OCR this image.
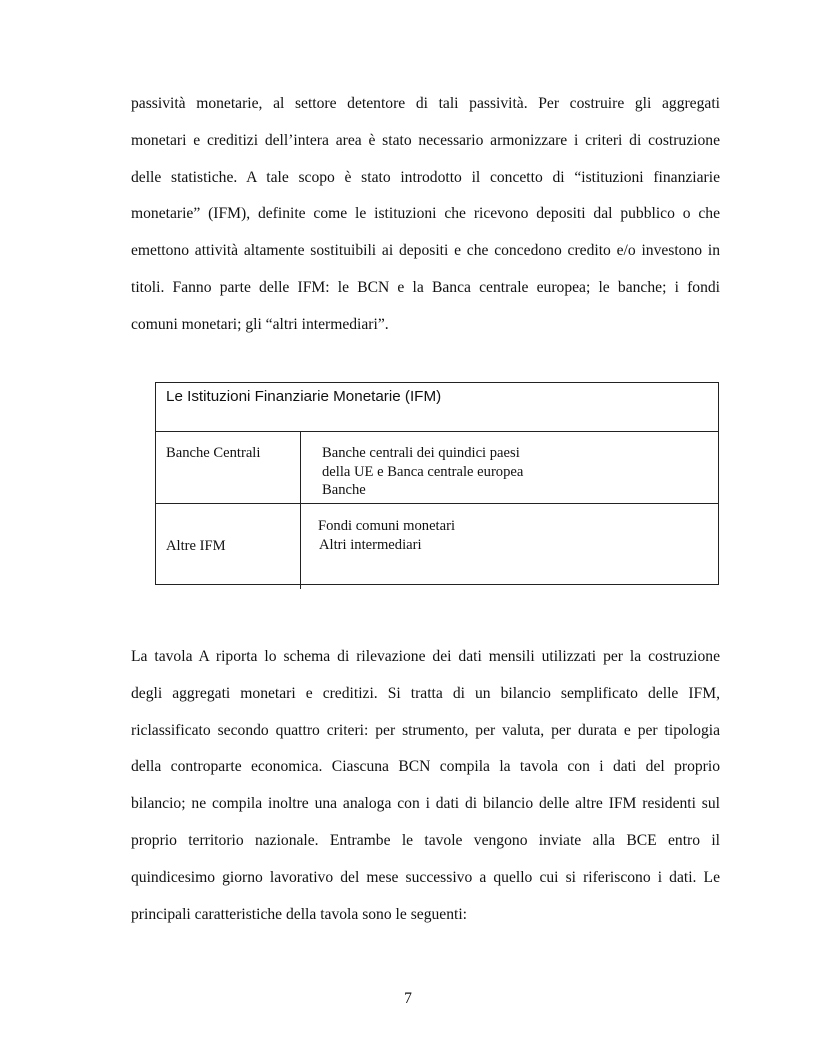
passività monetarie, al settore detentore di tali passività. Per costruire gli aggregati
monetari e creditizi dell’intera area è stato necessario armonizzare i criteri di costruzione
delle statistiche. A tale scopo è stato introdotto il concetto di “istituzioni finanziarie
monetarie” (IFM), definite come le istituzioni che ricevono depositi dal pubblico o che
emettono attività altamente sostituibili ai depositi e che concedono credito e/o investono in
titoli. Fanno parte delle IFM: le BCN e la Banca centrale europea; le banche; i fondi
comuni monetari; gli “altri intermediari”.
Le Istituzioni Finanziarie Monetarie (IFM)
Banche Centrali	Banche centrali dei quindici paesi
della UE e Banca centrale europea
Banche
Altre IFM
Fondi comuni monetari
Altri intermediari
La tavola A riporta lo schema di rilevazione dei dati mensili utilizzati per la costruzione
degli aggregati monetari e creditizi. Si tratta di un bilancio semplificato delle IFM,
riclassificato secondo quattro criteri: per strumento, per valuta, per durata e per tipologia
della controparte economica. Ciascuna BCN compila la tavola con i dati del proprio
bilancio; ne compila inoltre una analoga con i dati di bilancio delle altre IFM residenti sul
proprio territorio nazionale. Entrambe le tavole vengono inviate alla BCE entro il
quindicesimo giorno lavorativo del mese successivo a quello cui si riferiscono i dati. Le
principali caratteristiche della tavola sono le seguenti:
7
